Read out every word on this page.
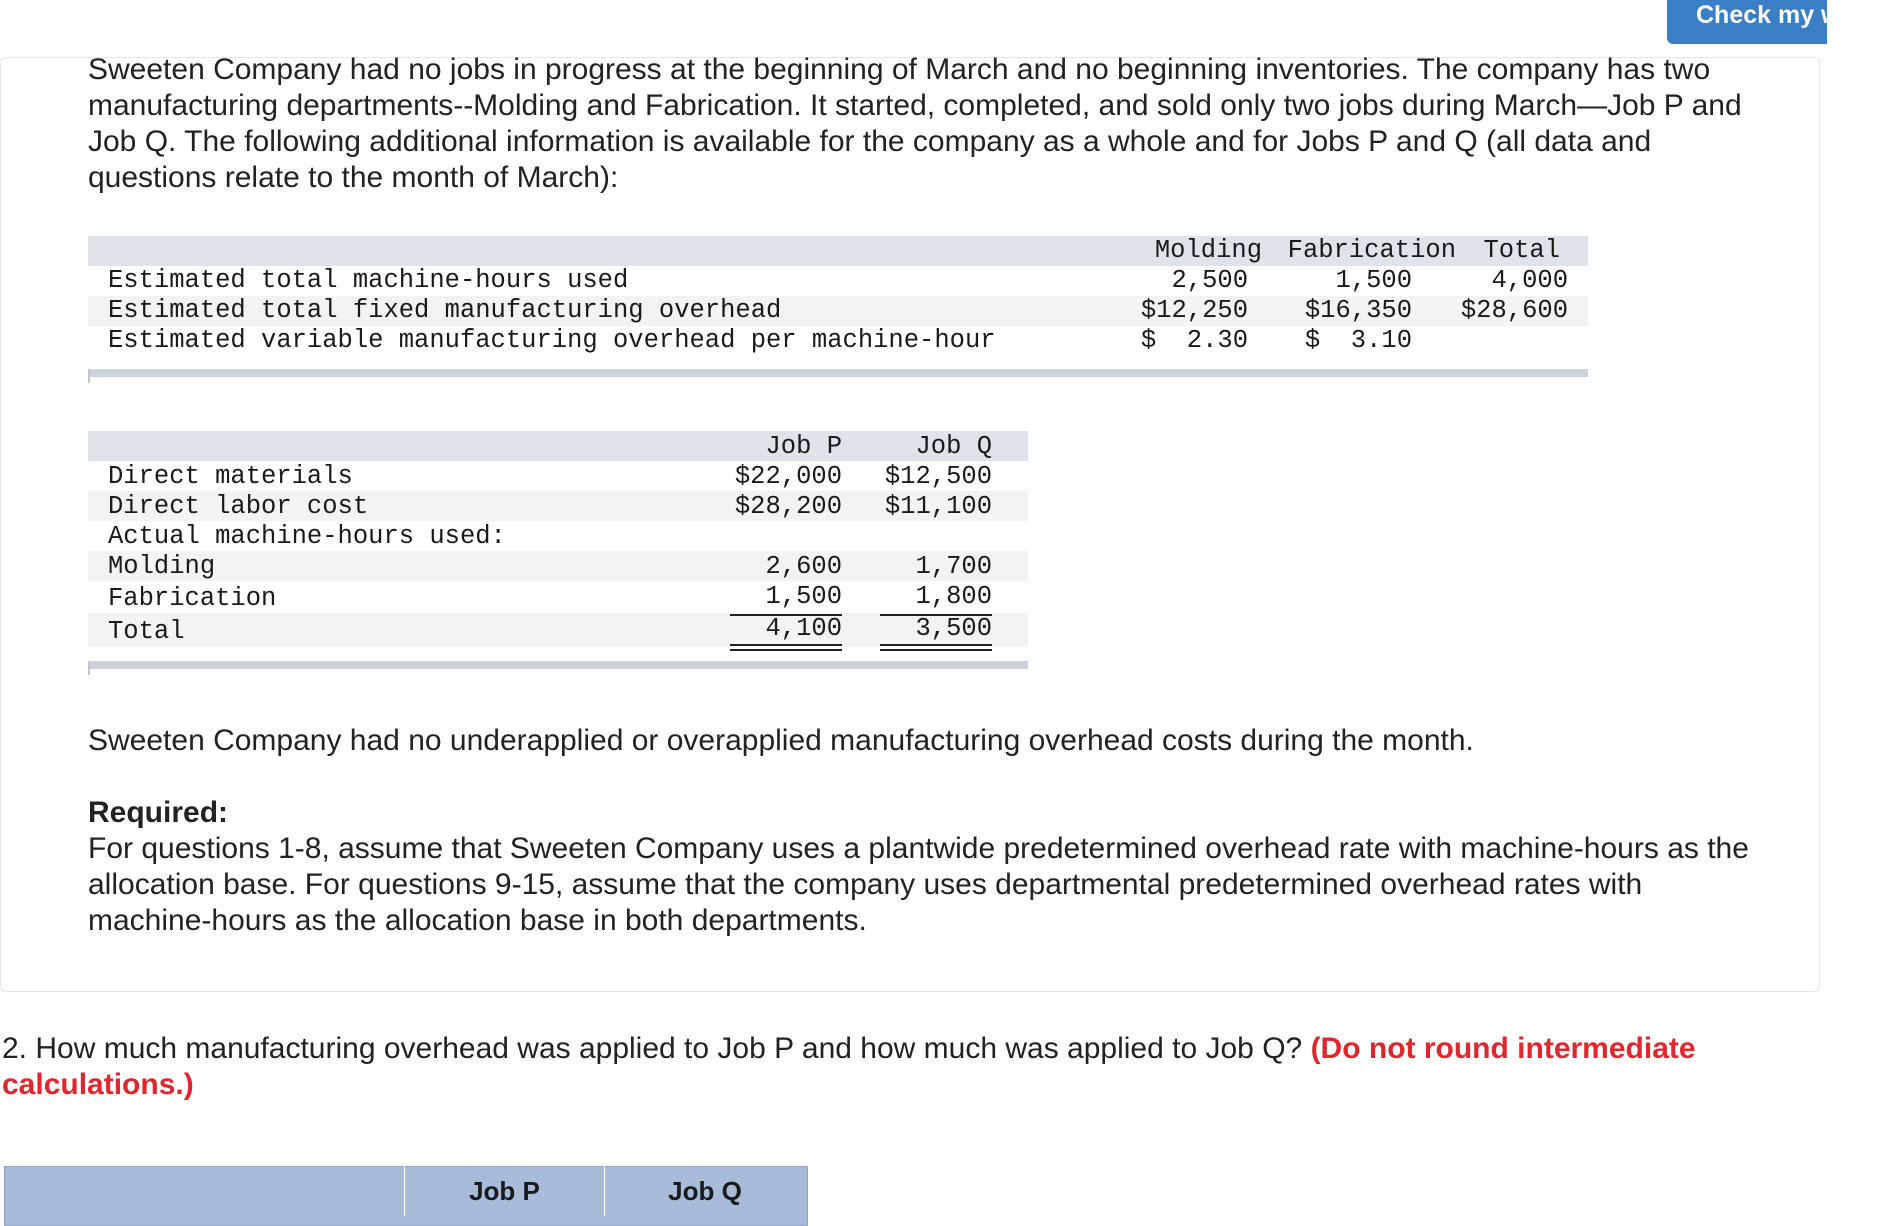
Check my work

Sweeten Company had no jobs in progress at the beginning of March and no beginning inventories. The company has two manufacturing departments--Molding and Fabrication. It started, completed, and sold only two jobs during March—Job P and Job Q. The following additional information is available for the company as a whole and for Jobs P and Q (all data and questions relate to the month of March):

Molding	Fabrication	Total
Estimated total machine-hours used	2,500	1,500	4,000
Estimated total fixed manufacturing overhead	$12,250	$16,350	$28,600
Estimated variable manufacturing overhead per machine-hour	$  2.30	$  3.10
Job P	Job Q
Direct materials	$22,000	$12,500
Direct labor cost	$28,200	$11,100
Actual machine-hours used:
Molding	2,600	1,700
Fabrication	1,500	1,800
Total	4,100	3,500

Sweeten Company had no underapplied or overapplied manufacturing overhead costs during the month.

Required:
For questions 1-8, assume that Sweeten Company uses a plantwide predetermined overhead rate with machine-hours as the allocation base. For questions 9-15, assume that the company uses departmental predetermined overhead rates with machine-hours as the allocation base in both departments.

2. How much manufacturing overhead was applied to Job P and how much was applied to Job Q? (Do not round intermediate calculations.)

Job P	Job Q
